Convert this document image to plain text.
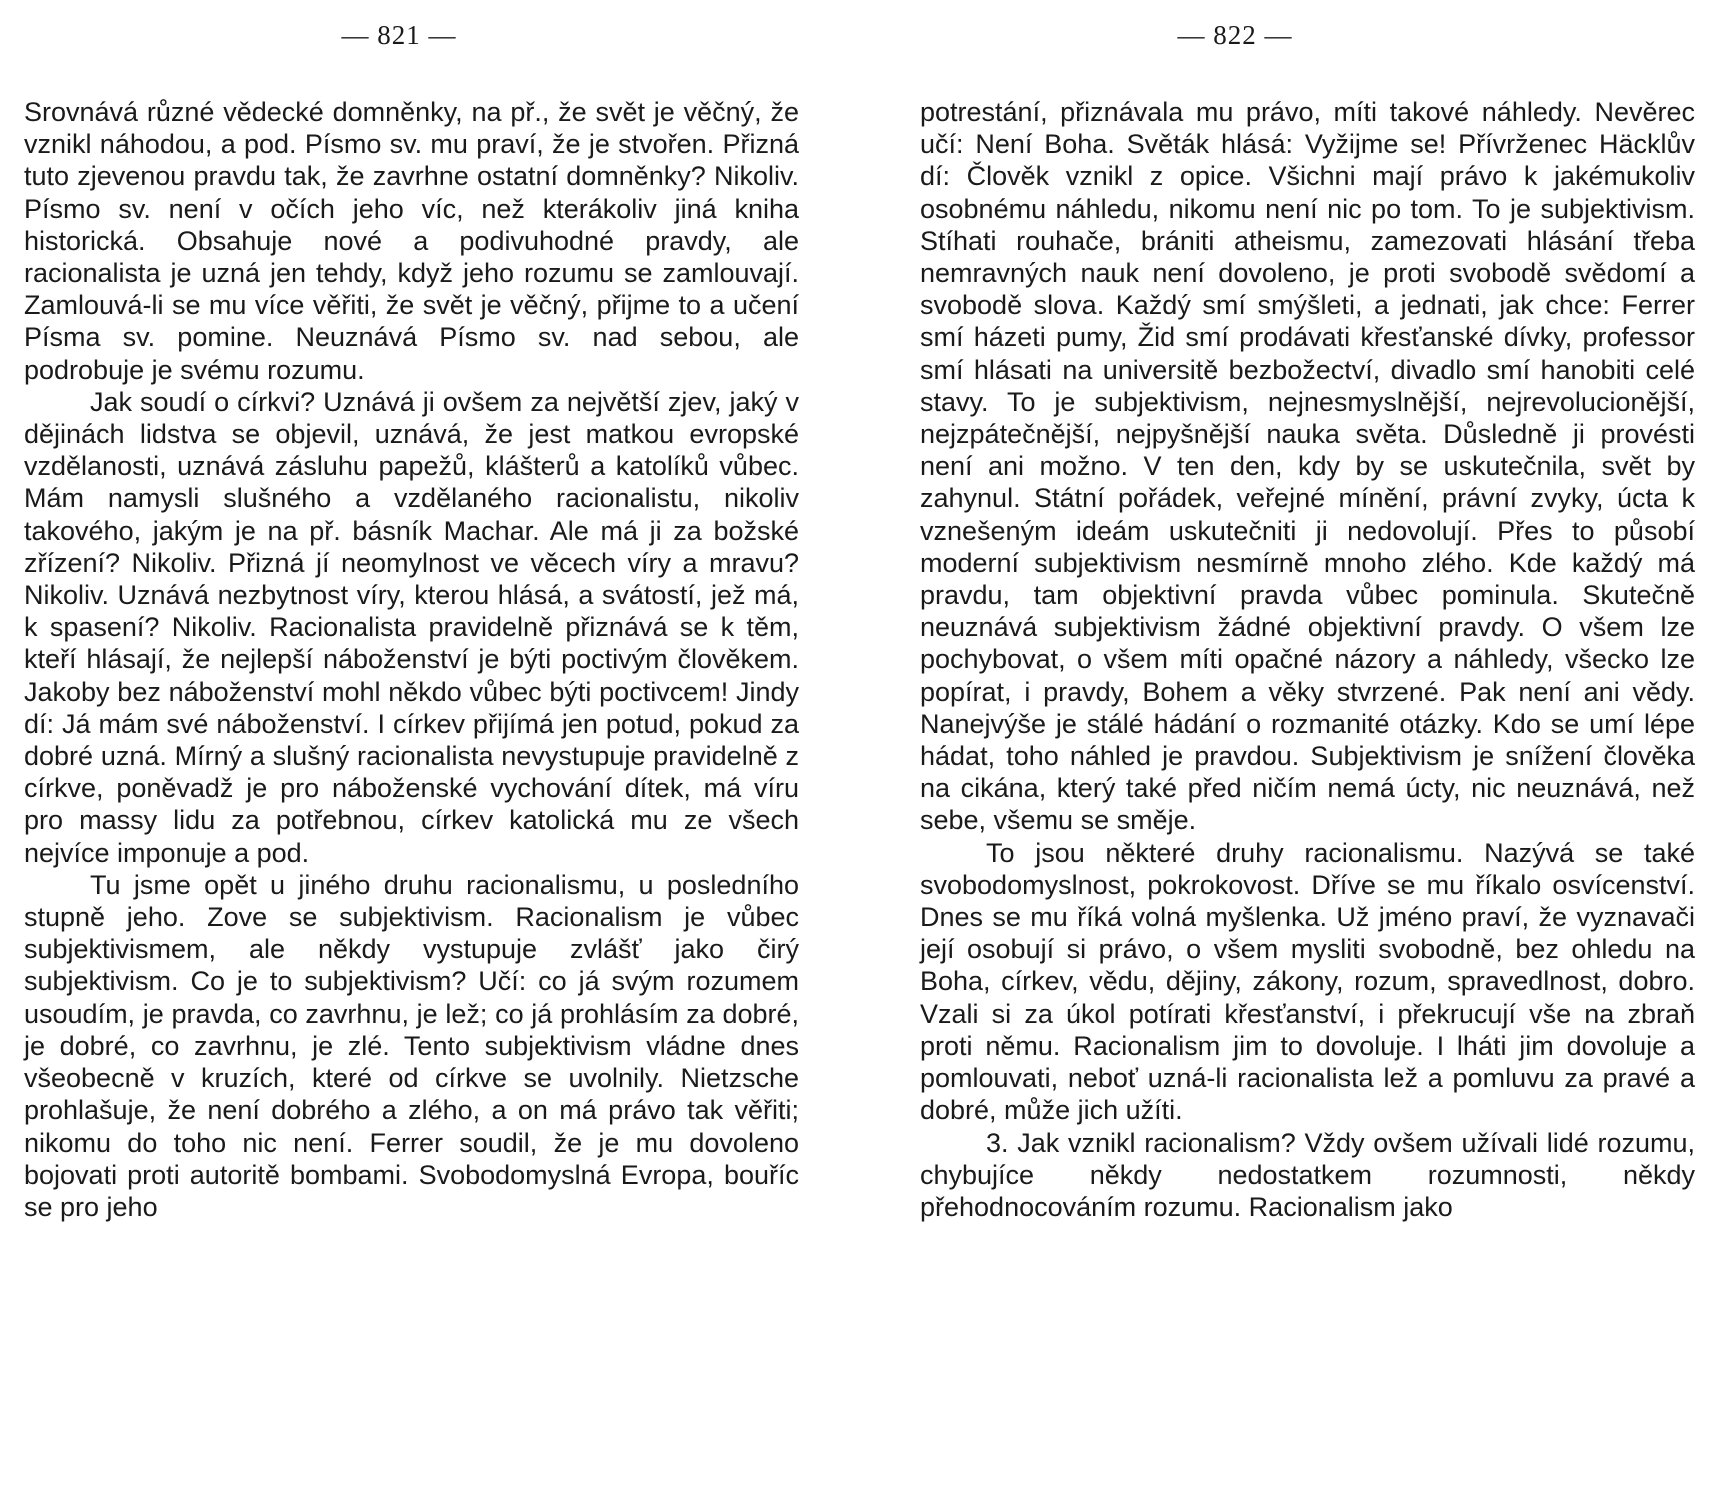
— 821 —

Srovnává různé vědecké domněnky, na př., že svět je věčný, že vznikl náhodou, a pod. Písmo sv. mu praví, že je stvořen. Přizná tuto zjevenou pravdu tak, že zavrhne ostatní domněnky? Nikoliv. Písmo sv. není v očích jeho víc, než kterákoliv jiná kniha historická. Obsahuje nové a podivuhodné pravdy, ale racionalista je uzná jen tehdy, když jeho rozumu se zamlouvají. Zamlouvá-li se mu více věřiti, že svět je věčný, přijme to a učení Písma sv. pomine. Neuznává Písmo sv. nad sebou, ale podrobuje je svému rozumu.

Jak soudí o církvi? Uznává ji ovšem za největší zjev, jaký v dějinách lidstva se objevil, uznává, že jest matkou evropské vzdělanosti, uznává zásluhu papežů, klášterů a katolíků vůbec. Mám namysli slušného a vzdělaného racionalistu, nikoliv takového, jakým je na př. básník Machar. Ale má ji za božské zřízení? Nikoliv. Přizná jí neomylnost ve věcech víry a mravu? Nikoliv. Uznává nezbytnost víry, kterou hlásá, a svátostí, jež má, k spasení? Nikoliv. Racionalista pravidelně přiznává se k těm, kteří hlásají, že nejlepší náboženství je býti poctivým člověkem. Jakoby bez náboženství mohl někdo vůbec býti poctivcem! Jindy dí: Já mám své náboženství. I církev přijímá jen potud, pokud za dobré uzná. Mírný a slušný racionalista nevystupuje pravidelně z církve, poněvadž je pro náboženské vychování dítek, má víru pro massy lidu za potřebnou, církev katolická mu ze všech nejvíce imponuje a pod.

Tu jsme opět u jiného druhu racionalismu, u posledního stupně jeho. Zove se subjektivism. Racionalism je vůbec subjektivismem, ale někdy vystupuje zvlášť jako čirý subjektivism. Co je to subjektivism? Učí: co já svým rozumem usoudím, je pravda, co zavrhnu, je lež; co já prohlásím za dobré, je dobré, co zavrhnu, je zlé. Tento subjektivism vládne dnes všeobecně v kruzích, které od církve se uvolnily. Nietzsche prohlašuje, že není dobrého a zlého, a on má právo tak věřiti; nikomu do toho nic není. Ferrer soudil, že je mu dovoleno bojovati proti autoritě bombami. Svobodomyslná Evropa, bouříc se pro jeho

— 822 —

potrestání, přiznávala mu právo, míti takové náhledy. Nevěrec učí: Není Boha. Světák hlásá: Vyžijme se! Přívrženec Häcklův dí: Člověk vznikl z opice. Všichni mají právo k jakémukoliv osobnému náhledu, nikomu není nic po tom. To je subjektivism. Stíhati rouhače, brániti atheismu, zamezovati hlásání třeba nemravných nauk není dovoleno, je proti svobodě svědomí a svobodě slova. Každý smí smýšleti, a jednati, jak chce: Ferrer smí házeti pumy, Žid smí prodávati křesťanské dívky, professor smí hlásati na universitě bezbožectví, divadlo smí hanobiti celé stavy. To je subjektivism, nejnesmyslnější, nejrevolucionější, nejzpátečnější, nejpyšnější nauka světa. Důsledně ji provésti není ani možno. V ten den, kdy by se uskutečnila, svět by zahynul. Státní pořádek, veřejné mínění, právní zvyky, úcta k vznešeným ideám uskutečniti ji nedovolují. Přes to působí moderní subjektivism nesmírně mnoho zlého. Kde každý má pravdu, tam objektivní pravda vůbec pominula. Skutečně neuznává subjektivism žádné objektivní pravdy. O všem lze pochybovat, o všem míti opačné názory a náhledy, všecko lze popírat, i pravdy, Bohem a věky stvrzené. Pak není ani vědy. Nanejvýše je stálé hádání o rozmanité otázky. Kdo se umí lépe hádat, toho náhled je pravdou. Subjektivism je snížení člověka na cikána, který také před ničím nemá úcty, nic neuznává, než sebe, všemu se směje.

To jsou některé druhy racionalismu. Nazývá se také svobodomyslnost, pokrokovost. Dříve se mu říkalo osvícenství. Dnes se mu říká volná myšlenka. Už jméno praví, že vyznavači její osobují si právo, o všem mysliti svobodně, bez ohledu na Boha, církev, vědu, dějiny, zákony, rozum, spravedlnost, dobro. Vzali si za úkol potírati křesťanství, i překrucují vše na zbraň proti němu. Racionalism jim to dovoluje. I lháti jim dovoluje a pomlouvati, neboť uzná-li racionalista lež a pomluvu za pravé a dobré, může jich užíti.

3. Jak vznikl racionalism? Vždy ovšem užívali lidé rozumu, chybujíce někdy nedostatkem rozumnosti, někdy přehodnocováním rozumu. Racionalism jako
